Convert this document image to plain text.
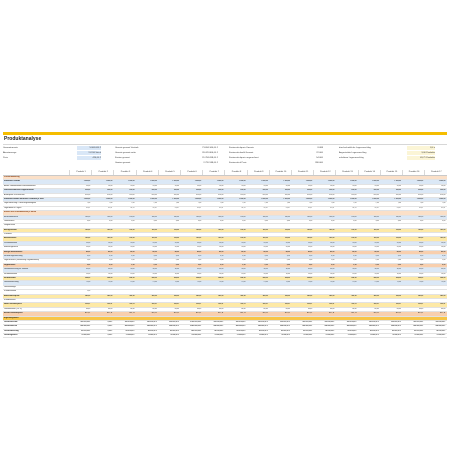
Produktanalyse
Gesamtumsatz	5.000.000 €
Absatzmenge	11.910 Stück
Preis	420,00 €
Umsatz gesamt Vertrieb	73.694.344,00 €
Umsatz gesamt netto	28.470.866,00 €
Kosten gesamt	31.784.098,00 €
Gewinn gesamt	2.720.598,00 €
Kostenstückpreis Umsatz	8.088
Kostenstückzahl Gesamt	22.000
Kostenstückpreis ungerechnet	54.000
Kostenstück Preis	286.000
durchschnittliche Lagerumschlag	8,4 x
Angestrebte Lagerumschlag	3,00 Produkte
erhaltene Lagerumschlag	49,71 Produkte
Produkt 1	Produkt 2	Produkt 3	Produkt 4	Produkt 5	Produkt 6	Produkt 7	Produkt 8	Produkt 9	Produkt 10	Produkt 11	Produkt 12	Produkt 13	Produkt 14	Produkt 15	Produkt 16	Produkt 17
Preisentwicklung
Stückzahl Umsatz	1.000,00	1.000,00	1.000,00	1.000,00	1.000,00	1.000,00	1.000,00	1.000,00	1.000,00	1.000,00	1.000,00	1.000,00	1.000,00	1.000,00	1.000,00	1.000,00	1.000,00
davon: Handelswaren/Gesamtumsatz	20,00	20,00	20,00	20,00	20,00	20,00	20,00	20,00	20,00	20,00	20,00	20,00	20,00	20,00	20,00	20,00	20,00
Durchschnittlicher Lagerbestand	250,00	250,00	250,00	250,00	250,00	250,00	250,00	250,00	250,00	250,00	250,00	250,00	250,00	250,00	250,00	250,00	250,00
Artikelpreis Durchschnitt	420,00	420,00	420,00	420,00	420,00	420,00	420,00	420,00	420,00	420,00	420,00	420,00	420,00	420,00	420,00	420,00	420,00
Stückzahl Bedarf aufzuffen Produkte je Jahr	1.000,00	1.000,00	1.000,00	1.000,00	1.000,00	1.000,00	1.000,00	1.000,00	1.000,00	1.000,00	1.000,00	1.000,00	1.000,00	1.000,00	1.000,00	1.000,00	1.000,00
Lagerumschlag / Umschlagshäufigkeit	7,00	7,00	7,00	7,00	7,00	7,00	7,00	7,00	7,00	7,00	7,00	7,00	7,00	7,00	7,00	7,00	7,00
Lagerdauer in Tagen	51,97	51,97	51,97	51,97	51,97	51,97	51,97	51,97	51,97	51,97	51,97	51,97	51,97	51,97	51,97	51,97	51,97
Kosten und Produktkosten je Stück
Einstandskosten	180,00	180,00	180,00	180,00	180,00	180,00	180,00	180,00	180,00	180,00	180,00	180,00	180,00	180,00	180,00	180,00	180,00
Lieferkosten	3,00	3,00	3,00	3,00	3,00	3,00	3,00	3,00	3,00	3,00	3,00	3,00	3,00	3,00	3,00	3,00	3,00
Zollgebühren
Bezugskosten	183,00	183,00	183,00	183,00	183,00	183,00	183,00	183,00	183,00	183,00	183,00	183,00	183,00	183,00	183,00	183,00	183,00
Provision
Bestellkosten	183,00	183,00	183,00	183,00	183,00	183,00	183,00	183,00	183,00	183,00	183,00	183,00	183,00	183,00	183,00	183,00	183,00
Personalkosten	20,00	20,00	20,00	20,00	20,00	20,00	20,00	20,00	20,00	20,00	20,00	20,00	20,00	20,00	20,00	20,00	20,00
Marketingkosten	20,00	20,00	20,00	20,00	20,00	20,00	20,00	20,00	20,00	20,00	20,00	20,00	20,00	20,00	20,00	20,00	20,00
Menge Warenkosten	40,00	40,00	40,00	40,00	40,00	40,00	40,00	40,00	40,00	40,00	40,00	40,00	40,00	40,00	40,00	40,00	40,00
Verwaltungsumschlag	3,50	3,50	3,50	3,50	3,50	3,50	3,50	3,50	3,50	3,50	3,50	3,50	3,50	3,50	3,50	3,50	3,50
Lagerzinssatz (Verzinsung Lagerbestand)	2,00	2,00	2,00	2,00	2,00	2,00	2,00	2,00	2,00	2,00	2,00	2,00	2,00	2,00	2,00	2,00	2,00
Lagerkosten	5,50	5,50	5,50	5,50	5,50	5,50	5,50	5,50	5,50	5,50	5,50	5,50	5,50	5,50	5,50	5,50	5,50
Gesamtumschlag im Verkauf	30,00	30,00	30,00	30,00	30,00	30,00	30,00	30,00	30,00	30,00	30,00	30,00	30,00	30,00	30,00	30,00	30,00
Vertriebskosten	10,00	10,00	10,00	10,00	10,00	10,00	10,00	10,00	10,00	10,00	10,00	10,00	10,00	10,00	10,00	10,00	10,00
Selbstkosten	268,50	268,50	268,50	268,50	268,50	268,50	268,50	268,50	268,50	268,50	268,50	268,50	268,50	268,50	268,50	268,50	268,50
Gewinnaufschlag	75,00	75,00	75,00	75,00	75,00	75,00	75,00	75,00	75,00	75,00	75,00	75,00	75,00	75,00	75,00	75,00	75,00
Gewinnmarge
Kundenskonto	2,00
Barverkaufspreis	343,50	343,50	343,50	343,50	343,50	343,50	343,50	343,50	343,50	343,50	343,50	343,50	343,50	343,50	343,50	343,50	343,50
Kundenrabatt
Netto-Verkaufspreis	350,51	350,51	350,51	350,51	350,51	350,51	350,51	350,51	350,51	350,51	350,51	350,51	350,51	350,51	350,51	350,51	350,51
Umsatzsteuer (19 %)	66,60	66,60	66,60	66,60	66,60	66,60	66,60	66,60	66,60	66,60	66,60	66,60	66,60	66,60	66,60	66,60	66,60
Brutto-Verkaufspreis	417,11	417,11	417,11	417,11	417,11	417,11	417,11	417,11	417,11	417,11	417,11	417,11	417,11	417,11	417,11	417,11	417,11
Ergebnisgrößen
Gesamtumsatz	350.510,00 €	0,00 €	350.510,00 €	350.510,00 €	350.510,00 €	3.350.510,00 €	350.510,00 €	350.510,00 €	350.510,00 €	350.510,00 €	350.510,00 €	350.510,00 €	350.510,00 €	350.510,00 €	350.510,00 €	350.510,00 €	350.510,00 €
Gesamtkosten	268.500,00 €	0,00 €	268.500,00 €	268.500,00 €	268.500,00 €	2.685.000,00 €	268.500,00 €	268.500,00 €	268.500,00 €	268.500,00 €	268.500,00 €	268.500,00 €	268.500,00 €	268.500,00 €	268.500,00 €	268.500,00 €	268.500,00 €
Gesamtdeckung	82.010,00 €	0,00 €	82.010,00 €	82.010,00 €	82.010,00 €	665.510,00 €	82.010,00 €	82.010,00 €	82.010,00 €	82.010,00 €	82.010,00 €	82.010,00 €	82.010,00 €	82.010,00 €	82.010,00 €	82.010,00 €	82.010,00 €
Gesamtgewinn	75.000,00 €	0,00 €	75.000,00 €	75.000,00 €	75.000,00 €	750.000,00 €	75.000,00 €	75.000,00 €	75.000,00 €	75.000,00 €	75.000,00 €	75.000,00 €	75.000,00 €	75.000,00 €	75.000,00 €	75.000,00 €	75.000,00 €
